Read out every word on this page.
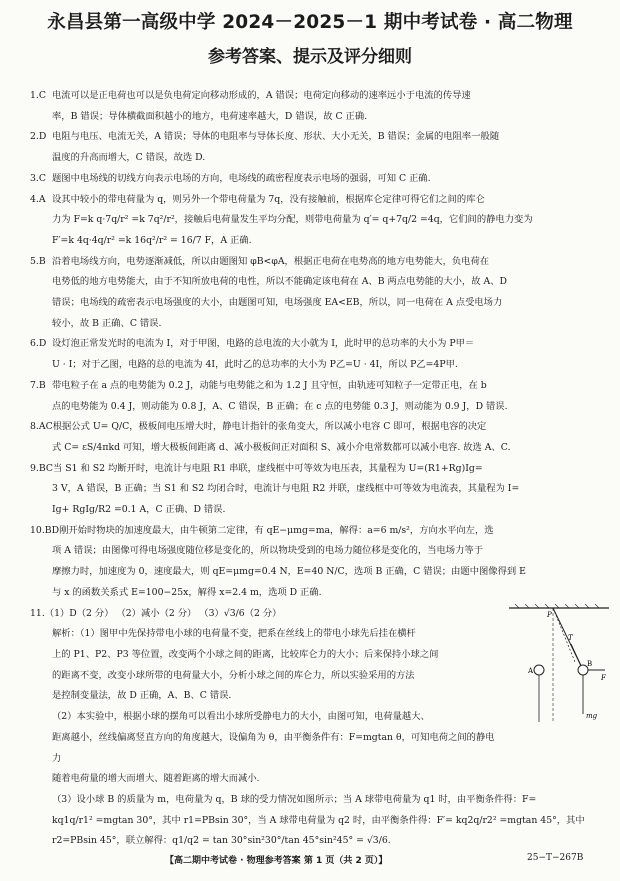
永昌县第一高级中学 2024－2025－1 期中考试卷 · 高二物理
参考答案、提示及评分细则
1.C 电流可以是正电荷也可以是负电荷定向移动形成的，A 错误；电荷定向移动的速率远小于电流的传导速
率，B 错误；导体横截面积越小的地方，电荷速率越大，D 错误，故 C 正确.
2.D 电阻与电压、电流无关，A 错误；导体的电阻率与导体长度、形状、大小无关，B 错误；金属的电阻率一般随
温度的升高而增大，C 错误，故选 D.
3.C 题图中电场线的切线方向表示电场的方向，电场线的疏密程度表示电场的强弱，可知 C 正确.
4.A 设其中较小的带电荷量为 q，则另外一个带电荷量为 7q，没有接触前，根据库仑定律可得它们之间的库仑
力为 F=k q·7q/r² =k 7q²/r²，接触后电荷量发生平均分配，则带电荷量为 q′= q+7q/2 =4q，它们间的静电力变为
F′=k 4q·4q/r² =k 16q²/r² = 16/7 F，A 正确.
5.B 沿着电场线方向，电势逐渐减低，所以由题图知 φB<φA，根据正电荷在电势高的地方电势能大，负电荷在
电势低的地方电势能大，由于不知所放电荷的电性，所以不能确定该电荷在 A、B 两点电势能的大小，故 A、D
错误；电场线的疏密表示电场强度的大小，由题图可知，电场强度 EA<EB，所以，同一电荷在 A 点受电场力
较小，故 B 正确、C 错误.
6.D 设灯泡正常发光时的电流为 I，对于甲图，电路的总电流的大小就为 I，此时甲的总功率的大小为 P甲＝
U · I；对于乙图，电路的总的电流为 4I，此时乙的总功率的大小为 P乙=U · 4I，所以 P乙=4P甲.
7.B 带电粒子在 a 点的电势能为 0.2 J，动能与电势能之和为 1.2 J 且守恒，由轨迹可知粒子一定带正电，在 b
点的电势能为 0.4 J，则动能为 0.8 J，A、C 错误，B 正确；在 c 点的电势能 0.3 J，则动能为 0.9 J，D 错误.
8.AC根据公式 U= Q/C，极板间电压增大时，静电计指针的张角变大，所以减小电容 C 即可，根据电容的决定
式 C= εS/4πkd 可知，增大极板间距离 d、减小极板间正对面积 S、减小介电常数都可以减小电容. 故选 A、C.
9.BC当 S1 和 S2 均断开时，电流计与电阻 R1 串联，虚线框中可等效为电压表，其量程为 U=(R1+Rg)Ig=
3 V，A 错误，B 正确；当 S1 和 S2 均闭合时，电流计与电阻 R2 并联，虚线框中可等效为电流表，其量程为 I=
Ig+ RgIg/R2 =0.1 A，C 正确、D 错误.
10.BD刚开始时物块的加速度最大，由牛顿第二定律，有 qE−μmg=ma，解得：a=6 m/s²，方向水平向左，选
项 A 错误；由图像可得电场强度随位移是变化的，所以物块受到的电场力随位移是变化的，当电场力等于
摩擦力时，加速度为 0，速度最大，则 qE=μmg=0.4 N，E=40 N/C，选项 B 正确，C 错误；由题中图像得到 E
与 x 的函数关系式 E=100−25x，解得 x=2.4 m，选项 D 正确.
11.（1）D（2 分） （2）减小（2 分） （3）√3/6（2 分）
解析：（1）图甲中先保持带电小球的电荷量不变，把系在丝线上的带电小球先后挂在横杆
上的 P1、P2、P3 等位置，改变两个小球之间的距离，比较库仑力的大小；后来保持小球之间
的距离不变，改变小球所带的电荷量大小，分析小球之间的库仑力，所以实验采用的方法
是控制变量法，故 D 正确，A、B、C 错误.
（2）本实验中，根据小球的摆角可以看出小球所受静电力的大小，由图可知，电荷量越大、
距离越小，丝线偏离竖直方向的角度越大，设偏角为 θ，由平衡条件有：F=mgtan θ，可知电荷之间的静电力
随着电荷量的增大而增大、随着距离的增大而减小.
（3）设小球 B 的质量为 m，电荷量为 q，B 球的受力情况如图所示；当 A 球带电荷量为 q1 时，由平衡条件得：F=
kq1q/r1² =mgtan 30°，其中 r1=PBsin 30°，当 A 球带电荷量为 q2 时，由平衡条件得：F′= kq2q/r2² =mgtan 45°，其中
r2=PBsin 45°，联立解得：q1/q2 = tan 30°sin²30°/tan 45°sin²45° = √3/6.
P
T
A
B
F
mg
【高二期中考试卷 · 物理参考答案 第 1 页（共 2 页）】	25−T−267B
